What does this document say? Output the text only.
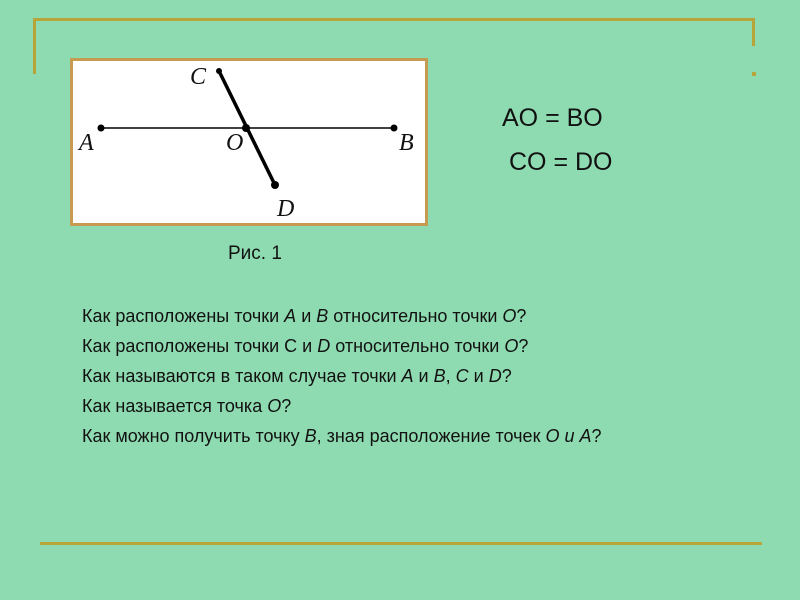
A	B
C
O
D
AO = BO
CO = DO
Рис. 1
Как расположены точки A и B относительно точки O?
Как расположены точки С и D относительно точки O?
Как называются в таком случае точки A и B, C и D?
Как называется точка O?
Как можно получить точку B, зная расположение точек O и A?
